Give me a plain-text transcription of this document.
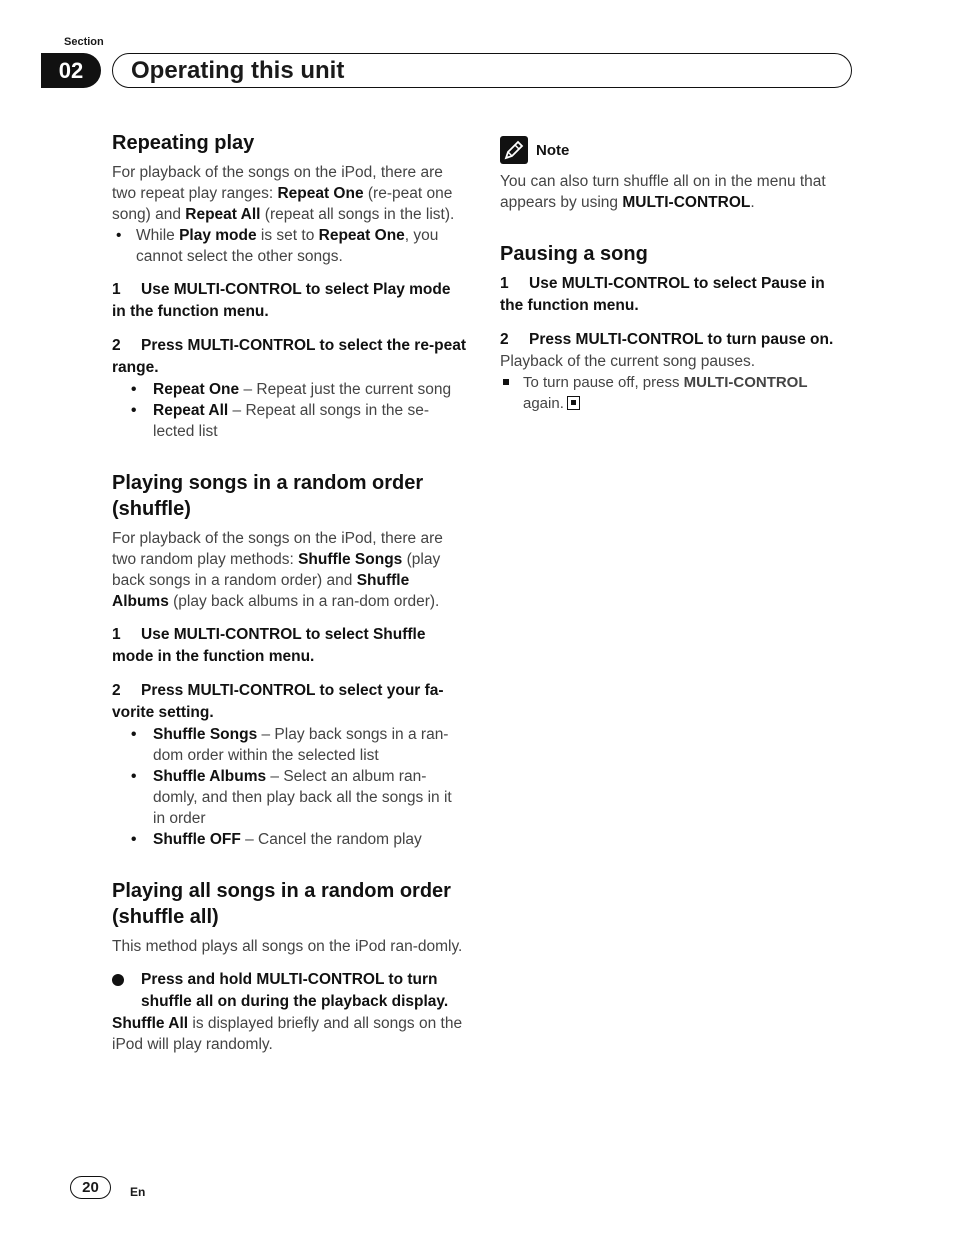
Section
02	Operating this unit
Repeating play

For playback of the songs on the iPod, there are two repeat play ranges: Repeat One (re-peat one song) and Repeat All (repeat all songs in the list).

• While Play mode is set to Repeat One, you cannot select the other songs.

1 Use MULTI-CONTROL to select Play mode in the function menu.

2 Press MULTI-CONTROL to select the re-peat range.

• Repeat One – Repeat just the current song
• Repeat All – Repeat all songs in the se-lected list
Playing songs in a random order (shuffle)

For playback of the songs on the iPod, there are two random play methods: Shuffle Songs (play back songs in a random order) and Shuffle Albums (play back albums in a ran-dom order).

1 Use MULTI-CONTROL to select Shuffle mode in the function menu.

2 Press MULTI-CONTROL to select your fa-vorite setting.

• Shuffle Songs – Play back songs in a ran-dom order within the selected list
• Shuffle Albums – Select an album ran-domly, and then play back all the songs in it in order
• Shuffle OFF – Cancel the random play
Playing all songs in a random order (shuffle all)

This method plays all songs on the iPod ran-domly.

Press and hold MULTI-CONTROL to turn shuffle all on during the playback display.

Shuffle All is displayed briefly and all songs on the iPod will play randomly.

Note
You can also turn shuffle all on in the menu that appears by using MULTI-CONTROL.
Pausing a song

1 Use MULTI-CONTROL to select Pause in the function menu.

2 Press MULTI-CONTROL to turn pause on.

Playback of the current song pauses.

To turn pause off, press MULTI-CONTROL again.
20	En
